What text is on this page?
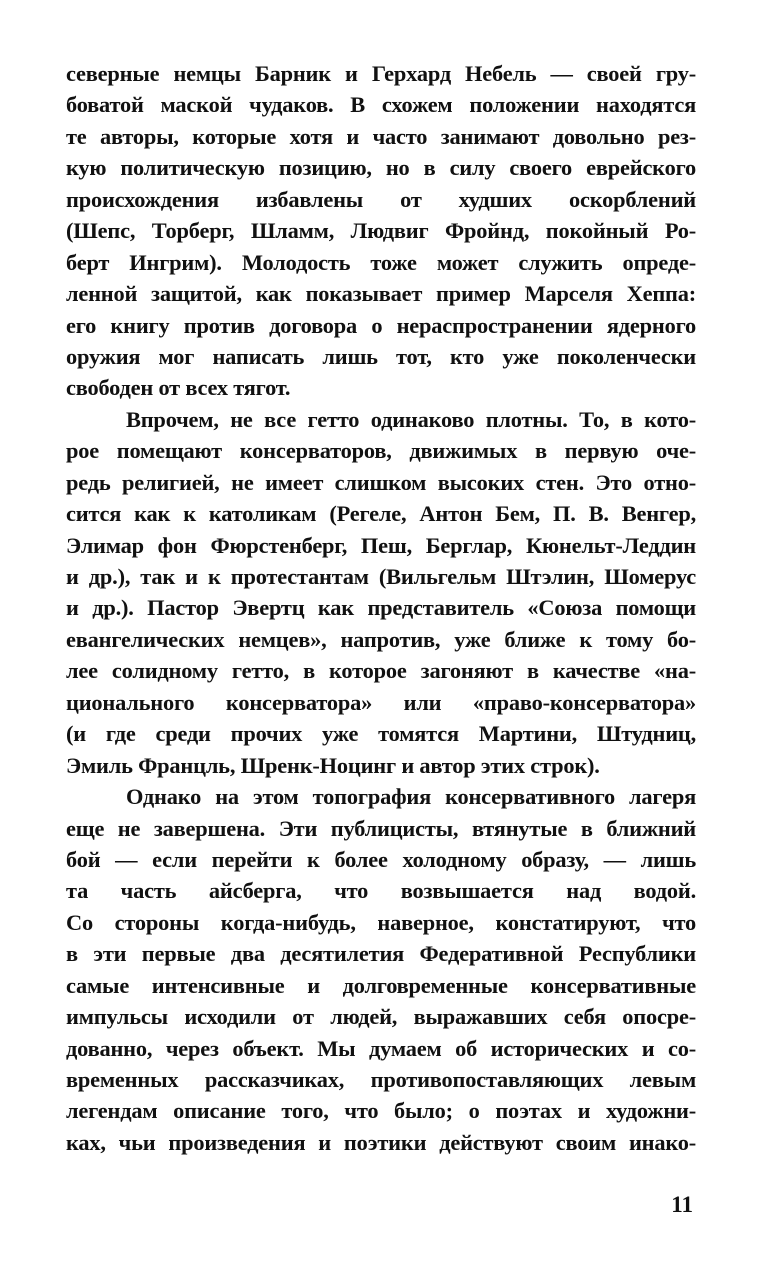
северные немцы Барник и Герхард Небель — своей гру-
боватой маской чудаков. В схожем положении находятся
те авторы, которые хотя и часто занимают довольно рез-
кую политическую позицию, но в силу своего еврейского
происхождения избавлены от худших оскорблений
(Шепс, Торберг, Шламм, Людвиг Фройнд, покойный Ро-
берт Ингрим). Молодость тоже может служить опреде-
ленной защитой, как показывает пример Марселя Хеппа:
его книгу против договора о нераспространении ядерного
оружия мог написать лишь тот, кто уже поколенчески
свободен от всех тягот.
Впрочем, не все гетто одинаково плотны. То, в кото-
рое помещают консерваторов, движимых в первую оче-
редь религией, не имеет слишком высоких стен. Это отно-
сится как к католикам (Регеле, Антон Бем, П. В. Венгер,
Элимар фон Фюрстенберг, Пеш, Берглар, Кюнельт-Леддин
и др.), так и к протестантам (Вильгельм Штэлин, Шомерус
и др.). Пастор Эвертц как представитель «Союза помощи
евангелических немцев», напротив, уже ближе к тому бо-
лее солидному гетто, в которое загоняют в качестве «на-
ционального консерватора» или «право-консерватора»
(и где среди прочих уже томятся Мартини, Штудниц,
Эмиль Францль, Шренк-Ноцинг и автор этих строк).
Однако на этом топография консервативного лагеря
еще не завершена. Эти публицисты, втянутые в ближний
бой — если перейти к более холодному образу, — лишь
та часть айсберга, что возвышается над водой.
Со стороны когда-нибудь, наверное, констатируют, что
в эти первые два десятилетия Федеративной Республики
самые интенсивные и долговременные консервативные
импульсы исходили от людей, выражавших себя опосре-
дованно, через объект. Мы думаем об исторических и со-
временных рассказчиках, противопоставляющих левым
легендам описание того, что было; о поэтах и художни-
ках, чьи произведения и поэтики действуют своим инако-
11
